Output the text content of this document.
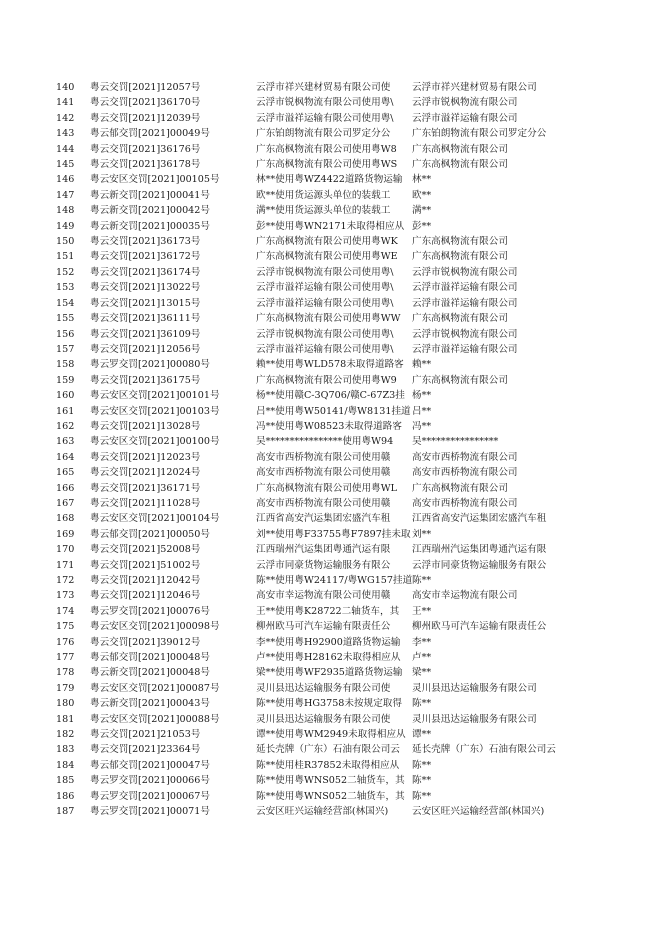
140	粤云交罚[2021]12057号	云浮市祥兴建材贸易有限公司使	云浮市祥兴建材贸易有限公司
141	粤云交罚[2021]36170号	云浮市锐枫物流有限公司使用粤\	云浮市锐枫物流有限公司
142	粤云交罚[2021]12039号	云浮市溢祥运输有限公司使用粤\	云浮市溢祥运输有限公司
143	粤云郁交罚[2021]00049号	广东铂朗物流有限公司罗定分公	广东铂朗物流有限公司罗定分公
144	粤云交罚[2021]36176号	广东高枫物流有限公司使用粤W8	广东高枫物流有限公司
145	粤云交罚[2021]36178号	广东高枫物流有限公司使用粤WS	广东高枫物流有限公司
146	粤云安区交罚[2021]00105号	林**使用粤WZ4422道路货物运输	林**
147	粤云新交罚[2021]00041号	欧**使用货运源头单位的装载工	欧**
148	粤云新交罚[2021]00042号	满**使用货运源头单位的装载工	满**
149	粤云新交罚[2021]00035号	彭**使用粤WN2171未取得相应从	彭**
150	粤云交罚[2021]36173号	广东高枫物流有限公司使用粤WK	广东高枫物流有限公司
151	粤云交罚[2021]36172号	广东高枫物流有限公司使用粤WE	广东高枫物流有限公司
152	粤云交罚[2021]36174号	云浮市锐枫物流有限公司使用粤\	云浮市锐枫物流有限公司
153	粤云交罚[2021]13022号	云浮市溢祥运输有限公司使用粤\	云浮市溢祥运输有限公司
154	粤云交罚[2021]13015号	云浮市溢祥运输有限公司使用粤\	云浮市溢祥运输有限公司
155	粤云交罚[2021]36111号	广东高枫物流有限公司使用粤WW	广东高枫物流有限公司
156	粤云交罚[2021]36109号	云浮市锐枫物流有限公司使用粤\	云浮市锐枫物流有限公司
157	粤云交罚[2021]12056号	云浮市溢祥运输有限公司使用粤\	云浮市溢祥运输有限公司
158	粤云罗交罚[2021]00080号	赖**使用粤WLD578未取得道路客	赖**
159	粤云交罚[2021]36175号	广东高枫物流有限公司使用粤W9	广东高枫物流有限公司
160	粤云安区交罚[2021]00101号	杨**使用赣C-3Q706/赣C-67Z3挂	杨**
161	粤云安区交罚[2021]00103号	吕**使用粤W50141/粤W8131挂道	吕**
162	粤云交罚[2021]13028号	冯**使用粤W08523未取得道路客	冯**
163	粤云安区交罚[2021]00100号	吴****************使用粤W94	吴****************
164	粤云交罚[2021]12023号	高安市西桥物流有限公司使用赣	高安市西桥物流有限公司
165	粤云交罚[2021]12024号	高安市西桥物流有限公司使用赣	高安市西桥物流有限公司
166	粤云交罚[2021]36171号	广东高枫物流有限公司使用粤WL	广东高枫物流有限公司
167	粤云交罚[2021]11028号	高安市西桥物流有限公司使用赣	高安市西桥物流有限公司
168	粤云安区交罚[2021]00104号	江西省高安汽运集团宏盛汽车租	江西省高安汽运集团宏盛汽车租
169	粤云郁交罚[2021]00050号	刘**使用粤F33755粤F7897挂未取	刘**
170	粤云交罚[2021]52008号	江西瑞州汽运集团粤通汽运有限	江西瑞州汽运集团粤通汽运有限
171	粤云交罚[2021]51002号	云浮市同豪货物运输服务有限公	云浮市同豪货物运输服务有限公
172	粤云交罚[2021]12042号	陈**使用粤W24117/粤WG157挂道	陈**
173	粤云交罚[2021]12046号	高安市幸运物流有限公司使用赣	高安市幸运物流有限公司
174	粤云罗交罚[2021]00076号	王**使用粤K28722二轴货车，其	王**
175	粤云安区交罚[2021]00098号	柳州欧马可汽车运输有限责任公	柳州欧马可汽车运输有限责任公
176	粤云交罚[2021]39012号	李**使用粤H92900道路货物运输	李**
177	粤云郁交罚[2021]00048号	卢**使用粤H28162未取得相应从	卢**
178	粤云新交罚[2021]00048号	梁**使用粤WF2935道路货物运输	梁**
179	粤云安区交罚[2021]00087号	灵川县迅达运输服务有限公司使	灵川县迅达运输服务有限公司
180	粤云新交罚[2021]00043号	陈**使用粤HG3758未按规定取得	陈**
181	粤云安区交罚[2021]00088号	灵川县迅达运输服务有限公司使	灵川县迅达运输服务有限公司
182	粤云交罚[2021]21053号	谭**使用粤WM2949未取得相应从	谭**
183	粤云交罚[2021]23364号	延长壳牌（广东）石油有限公司云	延长壳牌（广东）石油有限公司云
184	粤云郁交罚[2021]00047号	陈**使用桂R37852未取得相应从	陈**
185	粤云罗交罚[2021]00066号	陈**使用粤WNS052二轴货车，其	陈**
186	粤云罗交罚[2021]00067号	陈**使用粤WNS052二轴货车，其	陈**
187	粤云罗交罚[2021]00071号	云安区旺兴运输经营部(林国兴)	云安区旺兴运输经营部(林国兴)
